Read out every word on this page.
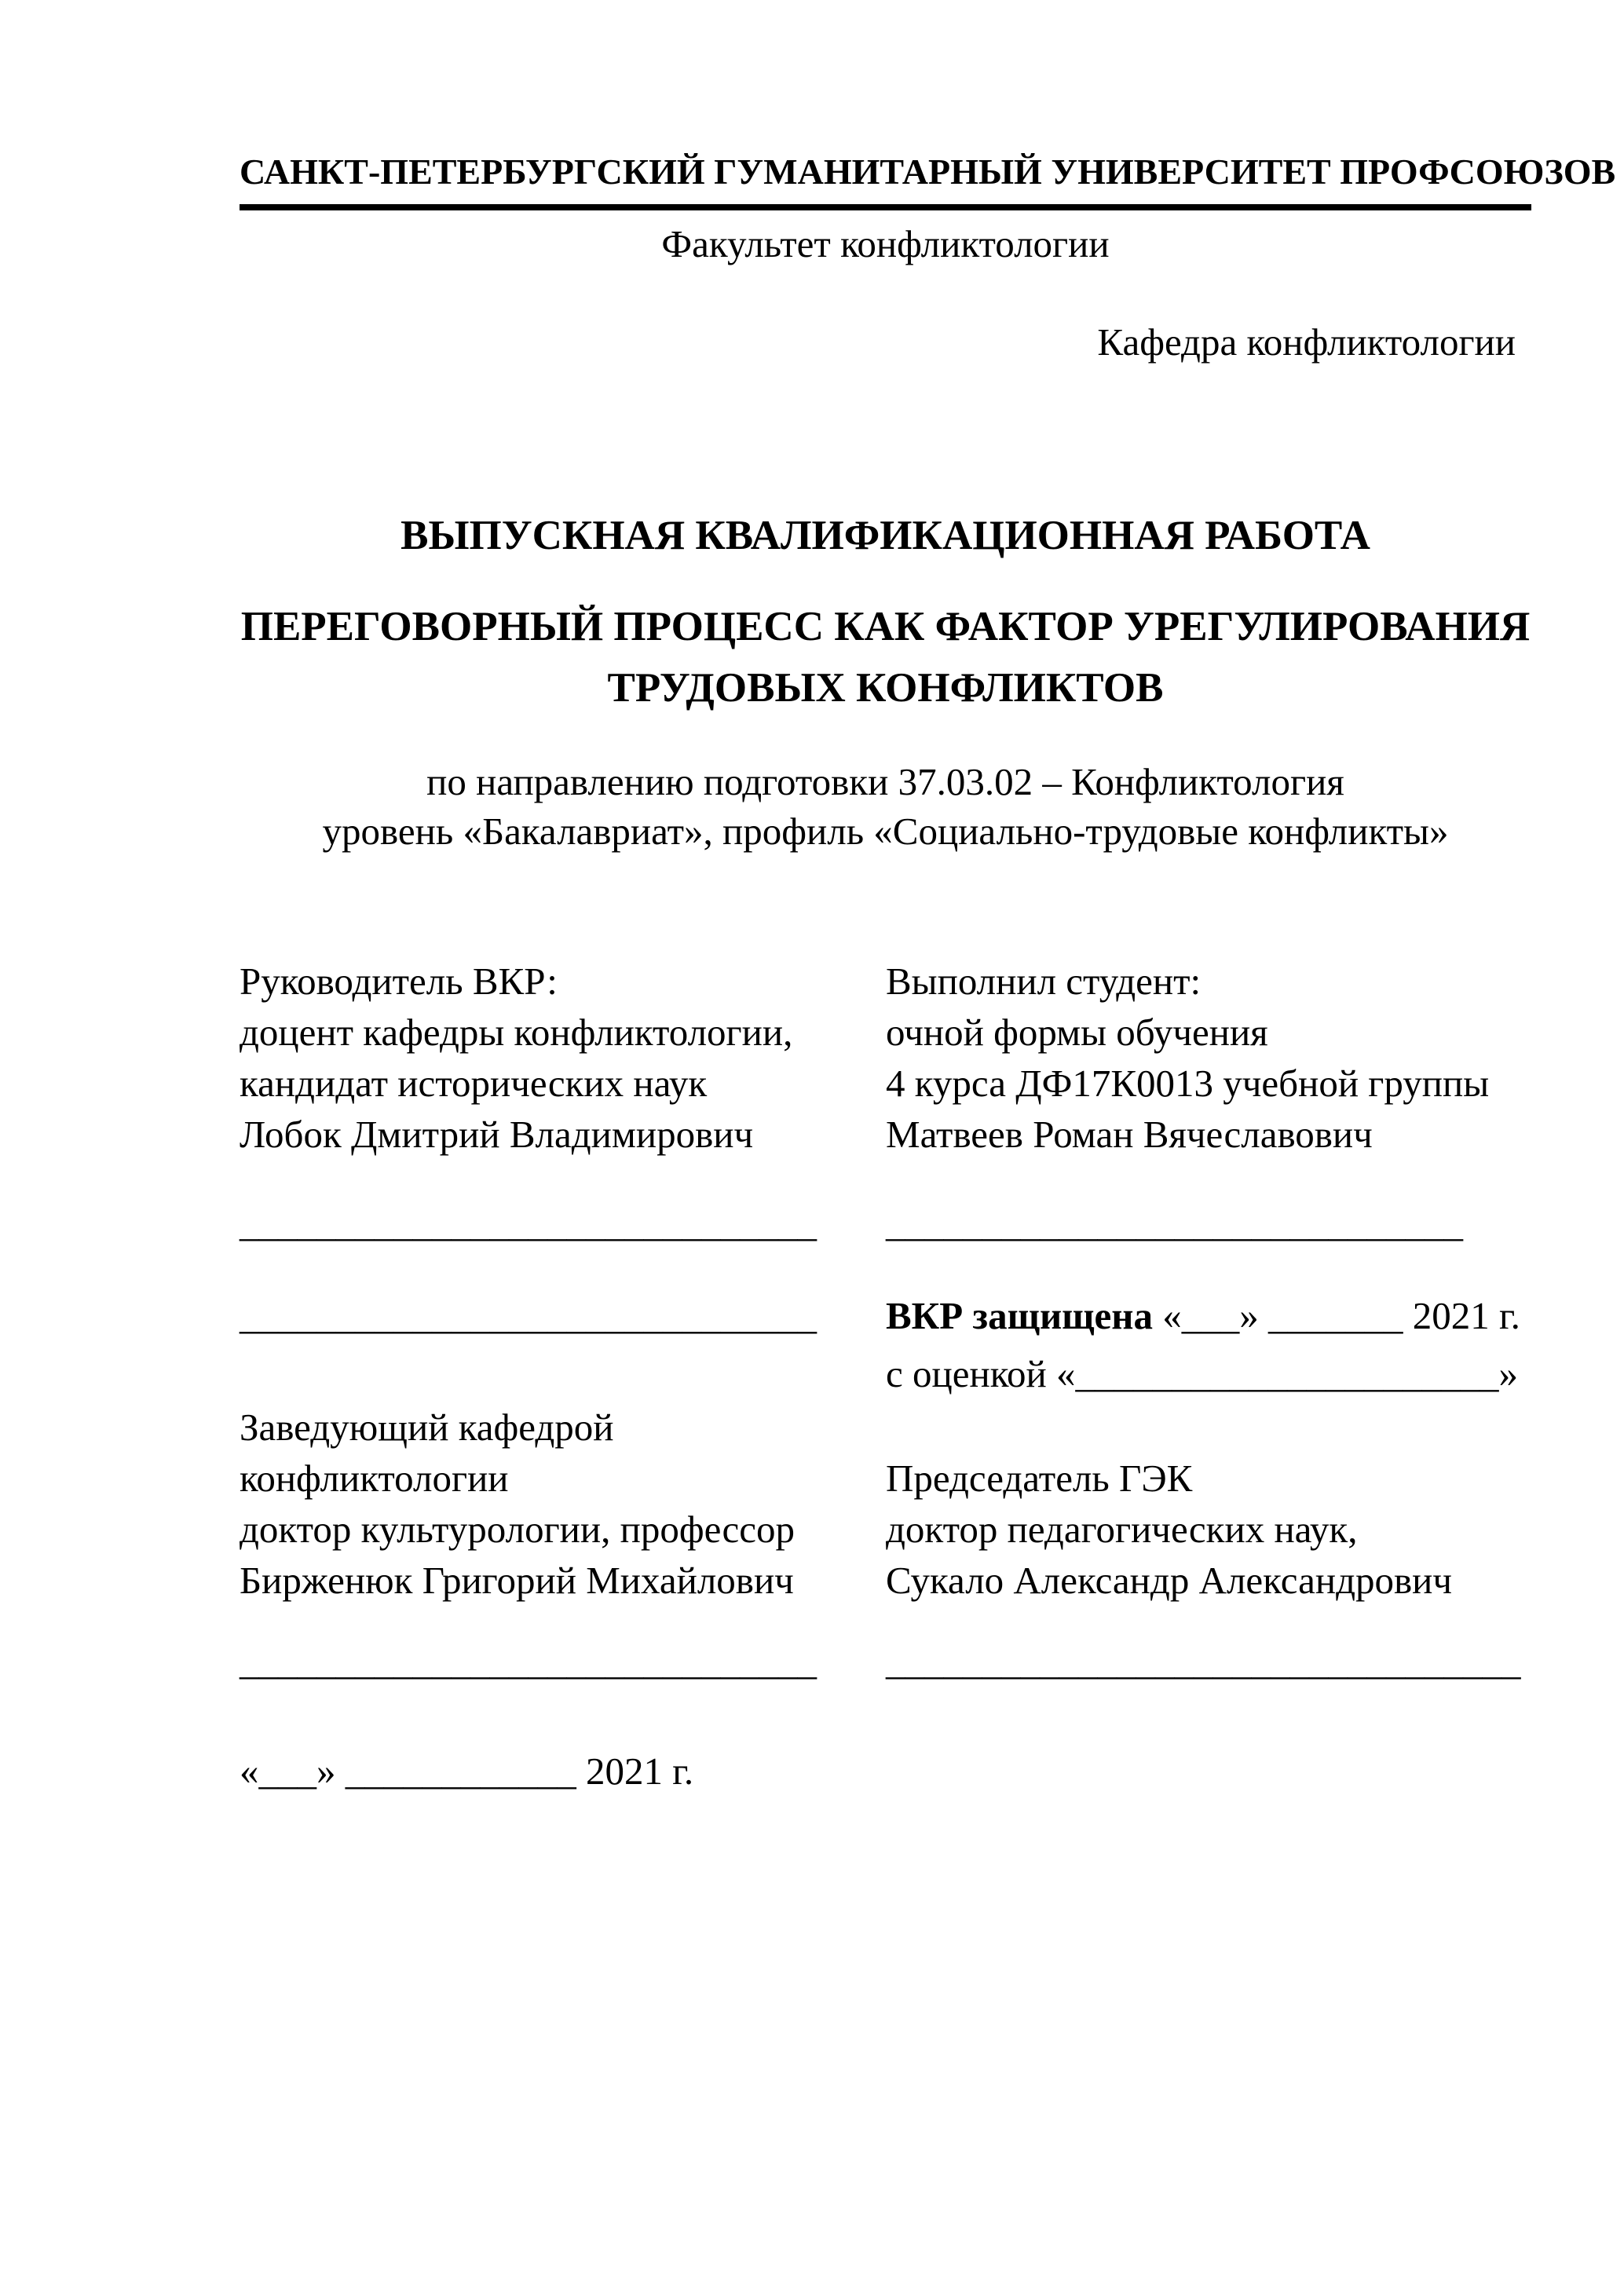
САНКТ-ПЕТЕРБУРГСКИЙ ГУМАНИТАРНЫЙ УНИВЕРСИТЕТ ПРОФСОЮЗОВ
Факультет конфликтологии
Кафедра конфликтологии
ВЫПУСКНАЯ КВАЛИФИКАЦИОННАЯ РАБОТА
ПЕРЕГОВОРНЫЙ ПРОЦЕСС КАК ФАКТОР УРЕГУЛИРОВАНИЯ
ТРУДОВЫХ КОНФЛИКТОВ
по направлению подготовки 37.03.02 – Конфликтология
уровень «Бакалавриат», профиль «Социально-трудовые конфликты»
Руководитель ВКР:
доцент кафедры конфликтологии,
кандидат исторических наук
Лобок Дмитрий Владимирович
______________________________
______________________________
Заведующий кафедрой
конфликтологии
доктор культурологии, профессор
Бирженюк Григорий Михайлович
______________________________
«___» ____________ 2021 г.
Выполнил студент:
очной формы обучения
4 курса ДФ17К0013 учебной группы
Матвеев Роман Вячеславович
______________________________
ВКР защищена «___» _______ 2021 г.
с оценкой «______________________»
Председатель ГЭК
доктор педагогических наук,
Сукало Александр Александрович
_________________________________
